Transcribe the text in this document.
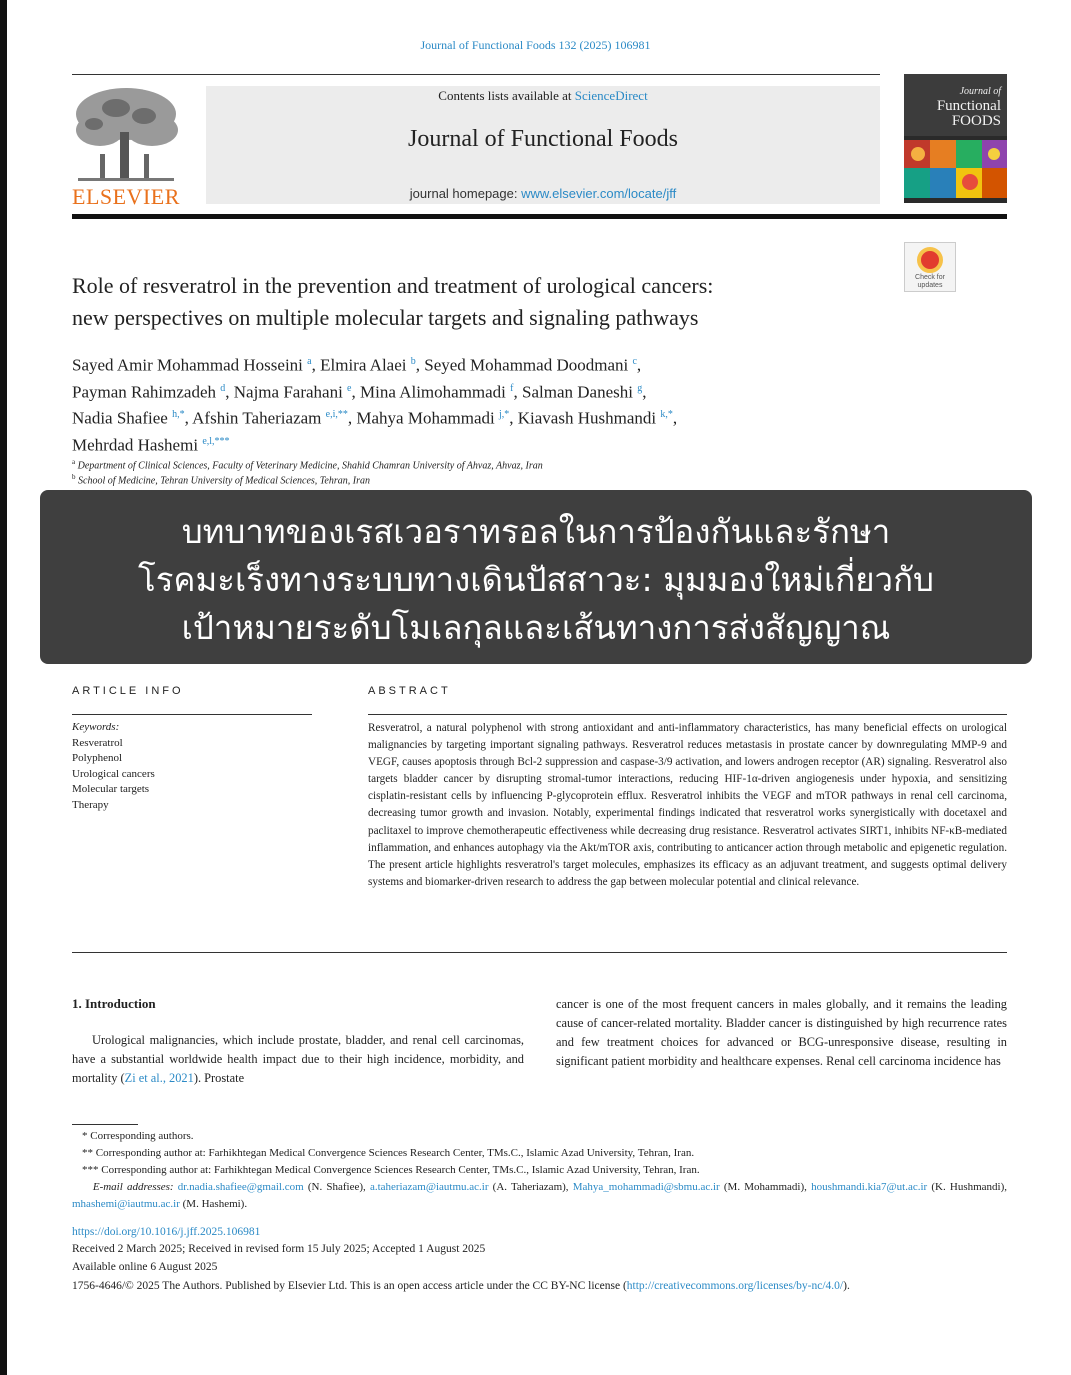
Journal of Functional Foods 132 (2025) 106981
ELSEVIER
Contents lists available at ScienceDirect
Journal of Functional Foods
journal homepage: www.elsevier.com/locate/jff
Journal of
Functional
FOODS
Check for
updates
Role of resveratrol in the prevention and treatment of urological cancers:
new perspectives on multiple molecular targets and signaling pathways
Sayed Amir Mohammad Hosseini $^a$, Elmira Alaei $^b$, Seyed Mohammad Doodmani $^c$,
Payman Rahimzadeh $^d$, Najma Farahani $^e$, Mina Alimohammadi $^f$, Salman Daneshi $^g$,
Nadia Shafiee $^{h,*}$, Afshin Taheriazam $^{e,i,**}$, Mahya Mohammadi $^{j,*}$, Kiavash Hushmandi $^{k,*}$,
Mehrdad Hashemi $^{e,l,***}$
$^a$ Department of Clinical Sciences, Faculty of Veterinary Medicine, Shahid Chamran University of Ahvaz, Ahvaz, Iran
$^b$ School of Medicine, Tehran University of Medical Sciences, Tehran, Iran
บทบาทของเรสเวอราทรอลในการป้องกันและรักษา
โรคมะเร็งทางระบบทางเดินปัสสาวะ: มุมมองใหม่เกี่ยวกับ
เป้าหมายระดับโมเลกุลและเส้นทางการส่งสัญญาณ
ARTICLE INFO	ABSTRACT
Keywords:
Resveratrol
Polyphenol
Urological cancers
Molecular targets
Therapy
Resveratrol, a natural polyphenol with strong antioxidant and anti-inflammatory characteristics, has many beneficial effects on urological malignancies by targeting important signaling pathways. Resveratrol reduces metastasis in prostate cancer by downregulating MMP-9 and VEGF, causes apoptosis through Bcl-2 suppression and caspase-3/9 activation, and lowers androgen receptor (AR) signaling. Resveratrol also targets bladder cancer by disrupting stromal-tumor interactions, reducing HIF-1α-driven angiogenesis under hypoxia, and sensitizing cisplatin-resistant cells by influencing P-glycoprotein efflux. Resveratrol inhibits the VEGF and mTOR pathways in renal cell carcinoma, decreasing tumor growth and invasion. Notably, experimental findings indicated that resveratrol works synergistically with docetaxel and paclitaxel to improve chemotherapeutic effectiveness while decreasing drug resistance. Resveratrol activates SIRT1, inhibits NF-κB-mediated inflammation, and enhances autophagy via the Akt/mTOR axis, contributing to anticancer action through metabolic and epigenetic regulation. The present article highlights resveratrol's target molecules, emphasizes its efficacy as an adjuvant treatment, and suggests optimal delivery systems and biomarker-driven research to address the gap between molecular potential and clinical relevance.
1. Introduction
Urological malignancies, which include prostate, bladder, and renal cell carcinomas, have a substantial worldwide health impact due to their high incidence, morbidity, and mortality (Zi et al., 2021). Prostate
cancer is one of the most frequent cancers in males globally, and it remains the leading cause of cancer-related mortality. Bladder cancer is distinguished by high recurrence rates and few treatment choices for advanced or BCG-unresponsive disease, resulting in significant patient morbidity and healthcare expenses. Renal cell carcinoma incidence has
* Corresponding authors.
** Corresponding author at: Farhikhtegan Medical Convergence Sciences Research Center, TMs.C., Islamic Azad University, Tehran, Iran.
*** Corresponding author at: Farhikhtegan Medical Convergence Sciences Research Center, TMs.C., Islamic Azad University, Tehran, Iran.
E-mail addresses: dr.nadia.shafiee@gmail.com (N. Shafiee), a.taheriazam@iautmu.ac.ir (A. Taheriazam), Mahya_mohammadi@sbmu.ac.ir (M. Mohammadi), houshmandi.kia7@ut.ac.ir (K. Hushmandi), mhashemi@iautmu.ac.ir (M. Hashemi).
https://doi.org/10.1016/j.jff.2025.106981
Received 2 March 2025; Received in revised form 15 July 2025; Accepted 1 August 2025
Available online 6 August 2025
1756-4646/© 2025 The Authors. Published by Elsevier Ltd. This is an open access article under the CC BY-NC license (http://creativecommons.org/licenses/by-nc/4.0/).
